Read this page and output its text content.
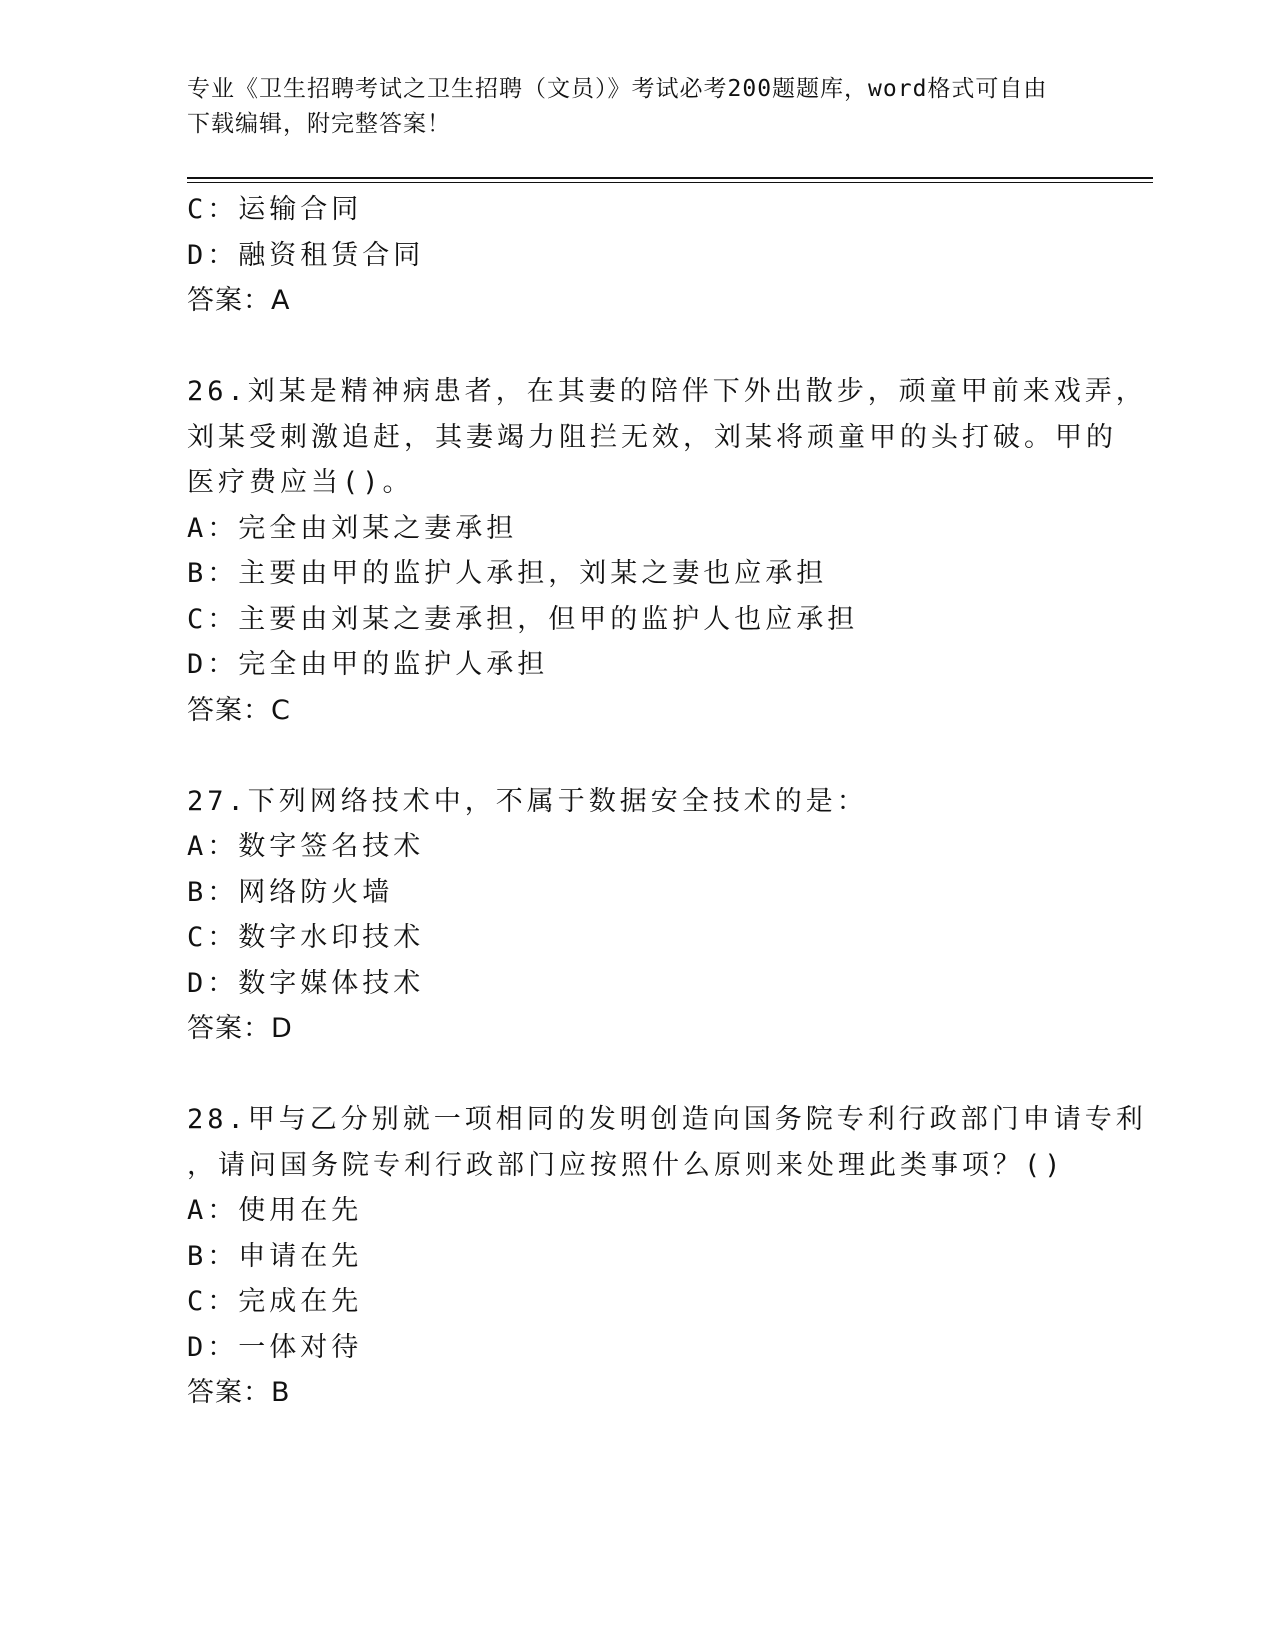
专业《卫生招聘考试之卫生招聘（文员）》考试必考200题题库，word格式可自由下载编辑，附完整答案！
C：运输合同
D：融资租赁合同
答案：A
26.刘某是精神病患者，在其妻的陪伴下外出散步，顽童甲前来戏弄，
刘某受刺激追赶，其妻竭力阻拦无效，刘某将顽童甲的头打破。甲的
医疗费应当()。
A：完全由刘某之妻承担
B：主要由甲的监护人承担，刘某之妻也应承担
C：主要由刘某之妻承担，但甲的监护人也应承担
D：完全由甲的监护人承担
答案：C
27.下列网络技术中，不属于数据安全技术的是：
A：数字签名技术
B：网络防火墙
C：数字水印技术
D：数字媒体技术
答案：D
28.甲与乙分别就一项相同的发明创造向国务院专利行政部门申请专利
，请问国务院专利行政部门应按照什么原则来处理此类事项？()
A：使用在先
B：申请在先
C：完成在先
D：一体对待
答案：B
